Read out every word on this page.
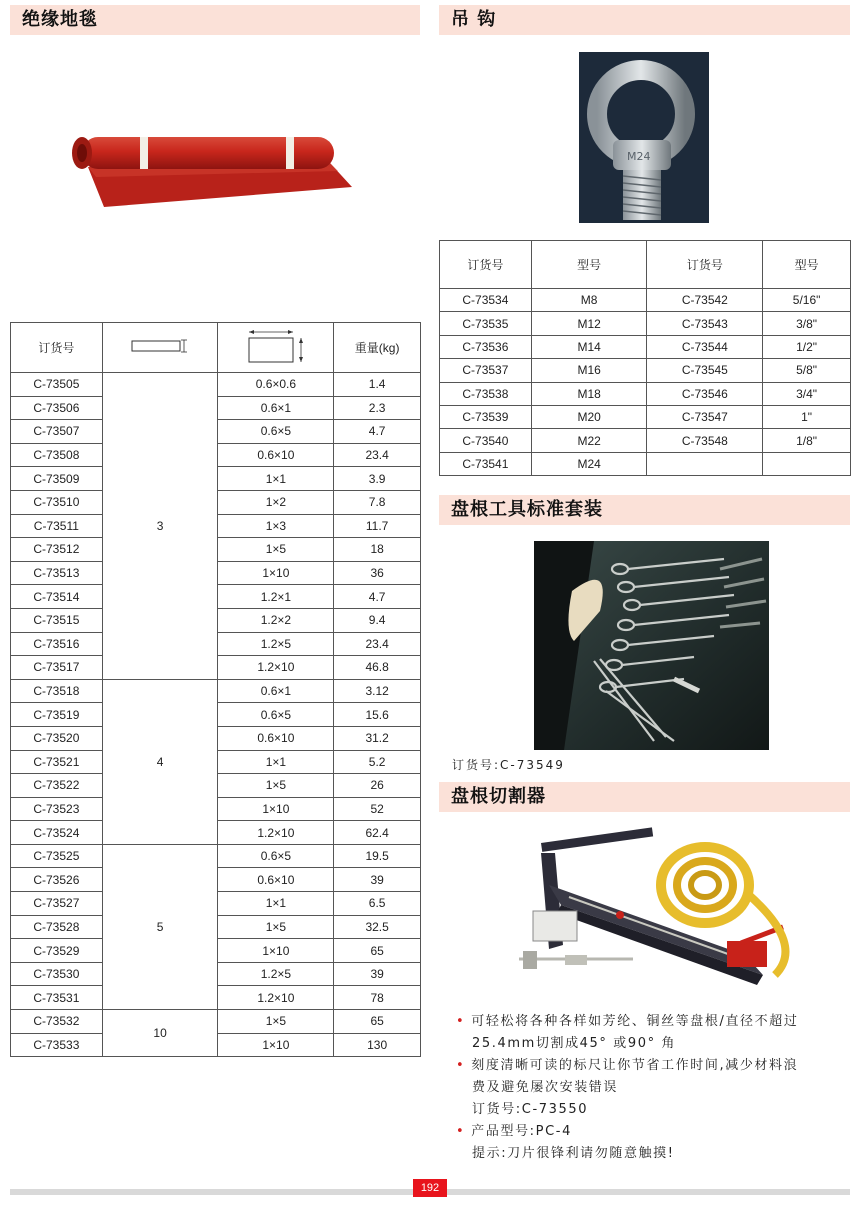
绝缘地毯
订货号			重量(kg)
C-73505	3	0.6×0.6	1.4
C-73506		0.6×1	2.3
C-73507		0.6×5	4.7
C-73508		0.6×10	23.4
C-73509		1×1	3.9
C-73510		1×2	7.8
C-73511		1×3	11.7
C-73512		1×5	18
C-73513		1×10	36
C-73514		1.2×1	4.7
C-73515		1.2×2	9.4
C-73516		1.2×5	23.4
C-73517		1.2×10	46.8
C-73518	4	0.6×1	3.12
C-73519		0.6×5	15.6
C-73520		0.6×10	31.2
C-73521		1×1	5.2
C-73522		1×5	26
C-73523		1×10	52
C-73524		1.2×10	62.4
C-73525	5	0.6×5	19.5
C-73526		0.6×10	39
C-73527		1×1	6.5
C-73528		1×5	32.5
C-73529		1×10	65
C-73530		1.2×5	39
C-73531		1.2×10	78
C-73532	10	1×5	65
C-73533		1×10	130
吊 钩
M24
订货号	型号	订货号	型号
C-73534	M8	C-73542	5/16"
C-73535	M12	C-73543	3/8"
C-73536	M14	C-73544	1/2"
C-73537	M16	C-73545	5/8"
C-73538	M18	C-73546	3/4"
C-73539	M20	C-73547	1"
C-73540	M22	C-73548	1/8"
C-73541	M24		
盘根工具标准套装
订货号:C-73549
盘根切割器
• 可轻松将各种各样如芳纶、铜丝等盘根/直径不超过
25.4mm切割成45° 或90° 角
• 刻度清晰可读的标尺让你节省工作时间,减少材料浪
费及避免屡次安装错误
订货号:C-73550
• 产品型号:PC-4
提示:刀片很锋利请勿随意触摸!
192
